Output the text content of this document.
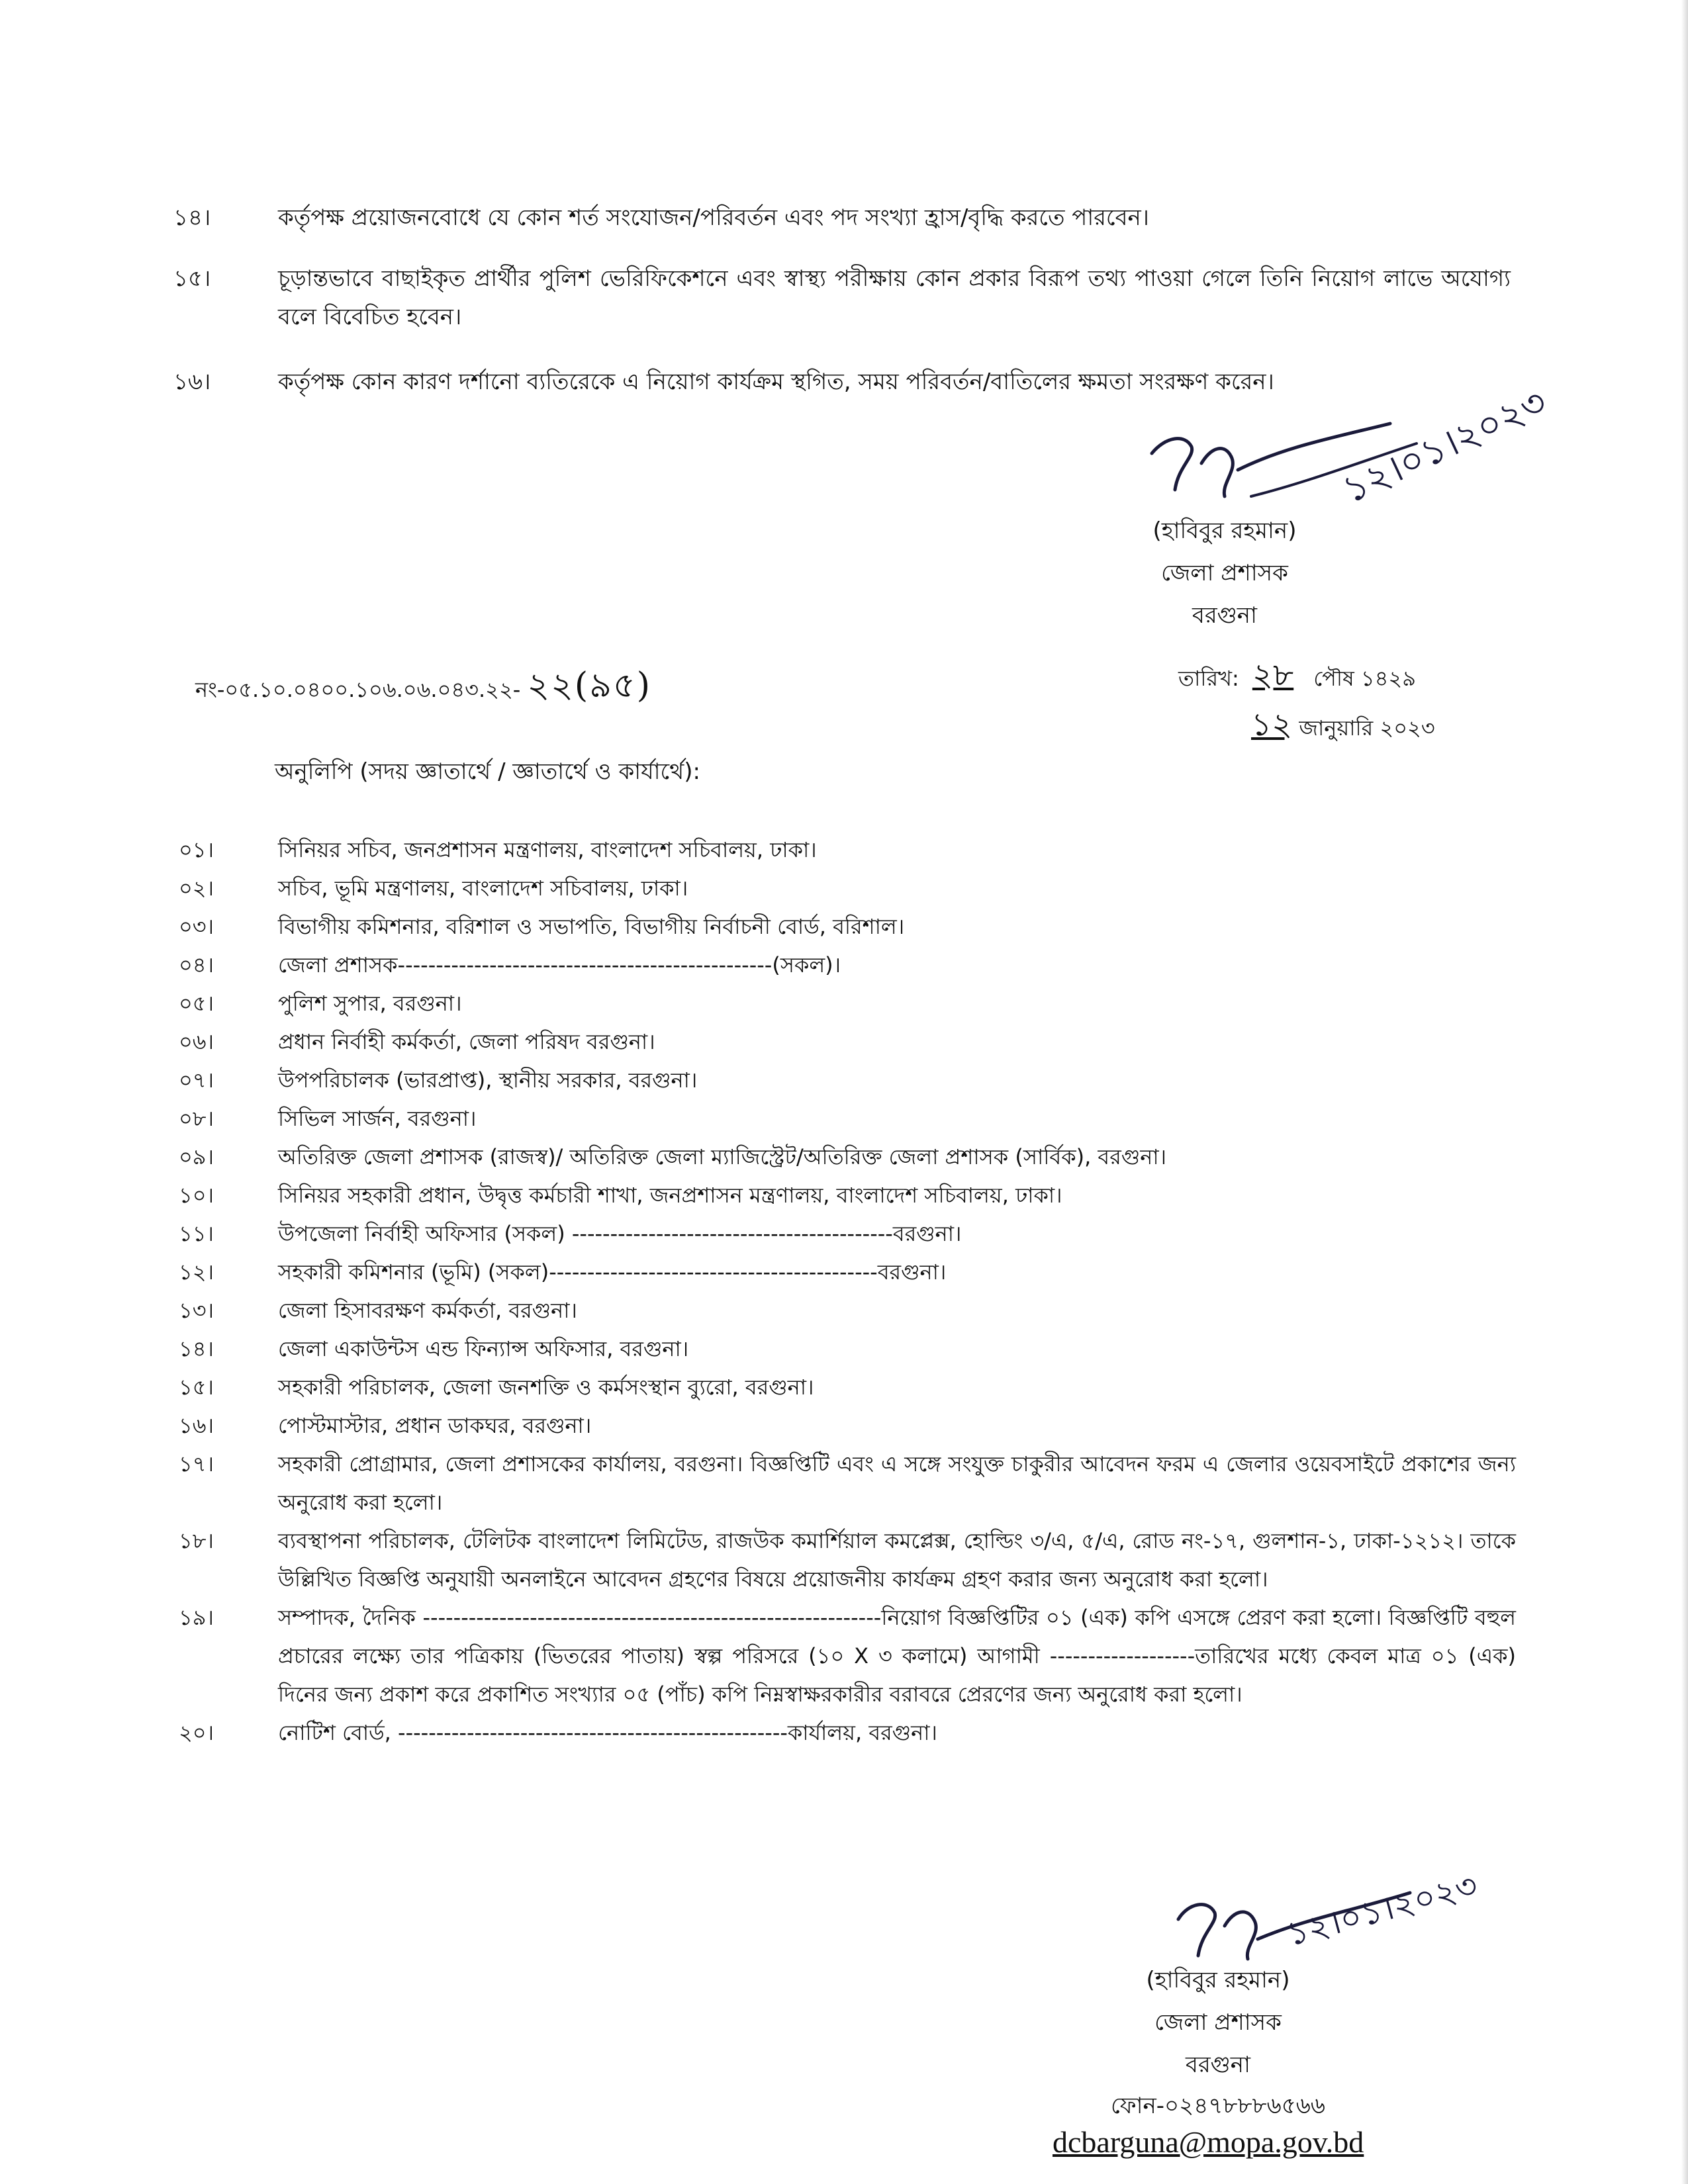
১৪।	কর্তৃপক্ষ প্রয়োজনবোধে যে কোন শর্ত সংযোজন/পরিবর্তন এবং পদ সংখ্যা হ্রাস/বৃদ্ধি করতে পারবেন।
১৫।	চূড়ান্তভাবে বাছাইকৃত প্রার্থীর পুলিশ ভেরিফিকেশনে এবং স্বাস্থ্য পরীক্ষায় কোন প্রকার বিরূপ তথ্য পাওয়া গেলে তিনি নিয়োগ লাভে অযোগ্য বলে বিবেচিত হবেন।
১৬।	কর্তৃপক্ষ কোন কারণ দর্শানো ব্যতিরেকে এ নিয়োগ কার্যক্রম স্থগিত, সময় পরিবর্তন/বাতিলের ক্ষমতা সংরক্ষণ করেন।	১২।০১।২০২৩
(হাবিবুর রহমান)
জেলা প্রশাসক
বরগুনা
নং-০৫.১০.০৪০০.১০৬.০৬.০৪৩.২২- ২২(৯৫)	তারিখ: ২৮ পৌষ ১৪২৯
১২ জানুয়ারি ২০২৩
অনুলিপি (সদয় জ্ঞাতার্থে / জ্ঞাতার্থে ও কার্যার্থে):
০১।	সিনিয়র সচিব, জনপ্রশাসন মন্ত্রণালয়, বাংলাদেশ সচিবালয়, ঢাকা।
০২।	সচিব, ভূমি মন্ত্রণালয়, বাংলাদেশ সচিবালয়, ঢাকা।
০৩।	বিভাগীয় কমিশনার, বরিশাল ও সভাপতি, বিভাগীয় নির্বাচনী বোর্ড, বরিশাল।
০৪।	জেলা প্রশাসক-------------------------------------------------(সকল)।
০৫।	পুলিশ সুপার, বরগুনা।
০৬।	প্রধান নির্বাহী কর্মকর্তা, জেলা পরিষদ বরগুনা।
০৭।	উপপরিচালক (ভারপ্রাপ্ত), স্থানীয় সরকার, বরগুনা।
০৮।	সিভিল সার্জন, বরগুনা।
০৯।	অতিরিক্ত জেলা প্রশাসক (রাজস্ব)/ অতিরিক্ত জেলা ম্যাজিস্ট্রেট/অতিরিক্ত জেলা প্রশাসক (সার্বিক), বরগুনা।
১০।	সিনিয়র সহকারী প্রধান, উদ্বৃত্ত কর্মচারী শাখা, জনপ্রশাসন মন্ত্রণালয়, বাংলাদেশ সচিবালয়, ঢাকা।
১১।	উপজেলা নির্বাহী অফিসার (সকল) ------------------------------------------বরগুনা।
১২।	সহকারী কমিশনার (ভূমি) (সকল)-------------------------------------------বরগুনা।
১৩।	জেলা হিসাবরক্ষণ কর্মকর্তা, বরগুনা।
১৪।	জেলা একাউন্টস এন্ড ফিন্যান্স অফিসার, বরগুনা।
১৫।	সহকারী পরিচালক, জেলা জনশক্তি ও কর্মসংস্থান ব্যুরো, বরগুনা।
১৬।	পোস্টমাস্টার, প্রধান ডাকঘর, বরগুনা।
১৭।	সহকারী প্রোগ্রামার, জেলা প্রশাসকের কার্যালয়, বরগুনা। বিজ্ঞপ্তিটি এবং এ সঙ্গে সংযুক্ত চাকুরীর আবেদন ফরম এ জেলার ওয়েবসাইটে প্রকাশের জন্য অনুরোধ করা হলো।
১৮।	ব্যবস্থাপনা পরিচালক, টেলিটক বাংলাদেশ লিমিটেড, রাজউক কমার্শিয়াল কমপ্লেক্স, হোল্ডিং ৩/এ, ৫/এ, রোড নং-১৭, গুলশান-১, ঢাকা-১২১২। তাকে উল্লিখিত বিজ্ঞপ্তি অনুযায়ী অনলাইনে আবেদন গ্রহণের বিষয়ে প্রয়োজনীয় কার্যক্রম গ্রহণ করার জন্য অনুরোধ করা হলো।
১৯।	সম্পাদক, দৈনিক ------------------------------------------------------------নিয়োগ বিজ্ঞপ্তিটির ০১ (এক) কপি এসঙ্গে প্রেরণ করা হলো। বিজ্ঞপ্তিটি বহুল প্রচারের লক্ষ্যে তার পত্রিকায় (ভিতরের পাতায়) স্বল্প পরিসরে (১০ X ৩ কলামে) আগামী -------------------তারিখের মধ্যে কেবল মাত্র ০১ (এক) দিনের জন্য প্রকাশ করে প্রকাশিত সংখ্যার ০৫ (পাঁচ) কপি নিম্নস্বাক্ষরকারীর বরাবরে প্রেরণের জন্য অনুরোধ করা হলো।
২০।	নোটিশ বোর্ড, ---------------------------------------------------কার্যালয়, বরগুনা।
১২।০১।২০২৩
(হাবিবুর রহমান)
জেলা প্রশাসক
বরগুনা
ফোন-০২৪৭৮৮৮৬৫৬৬
dcbarguna@mopa.gov.bd
